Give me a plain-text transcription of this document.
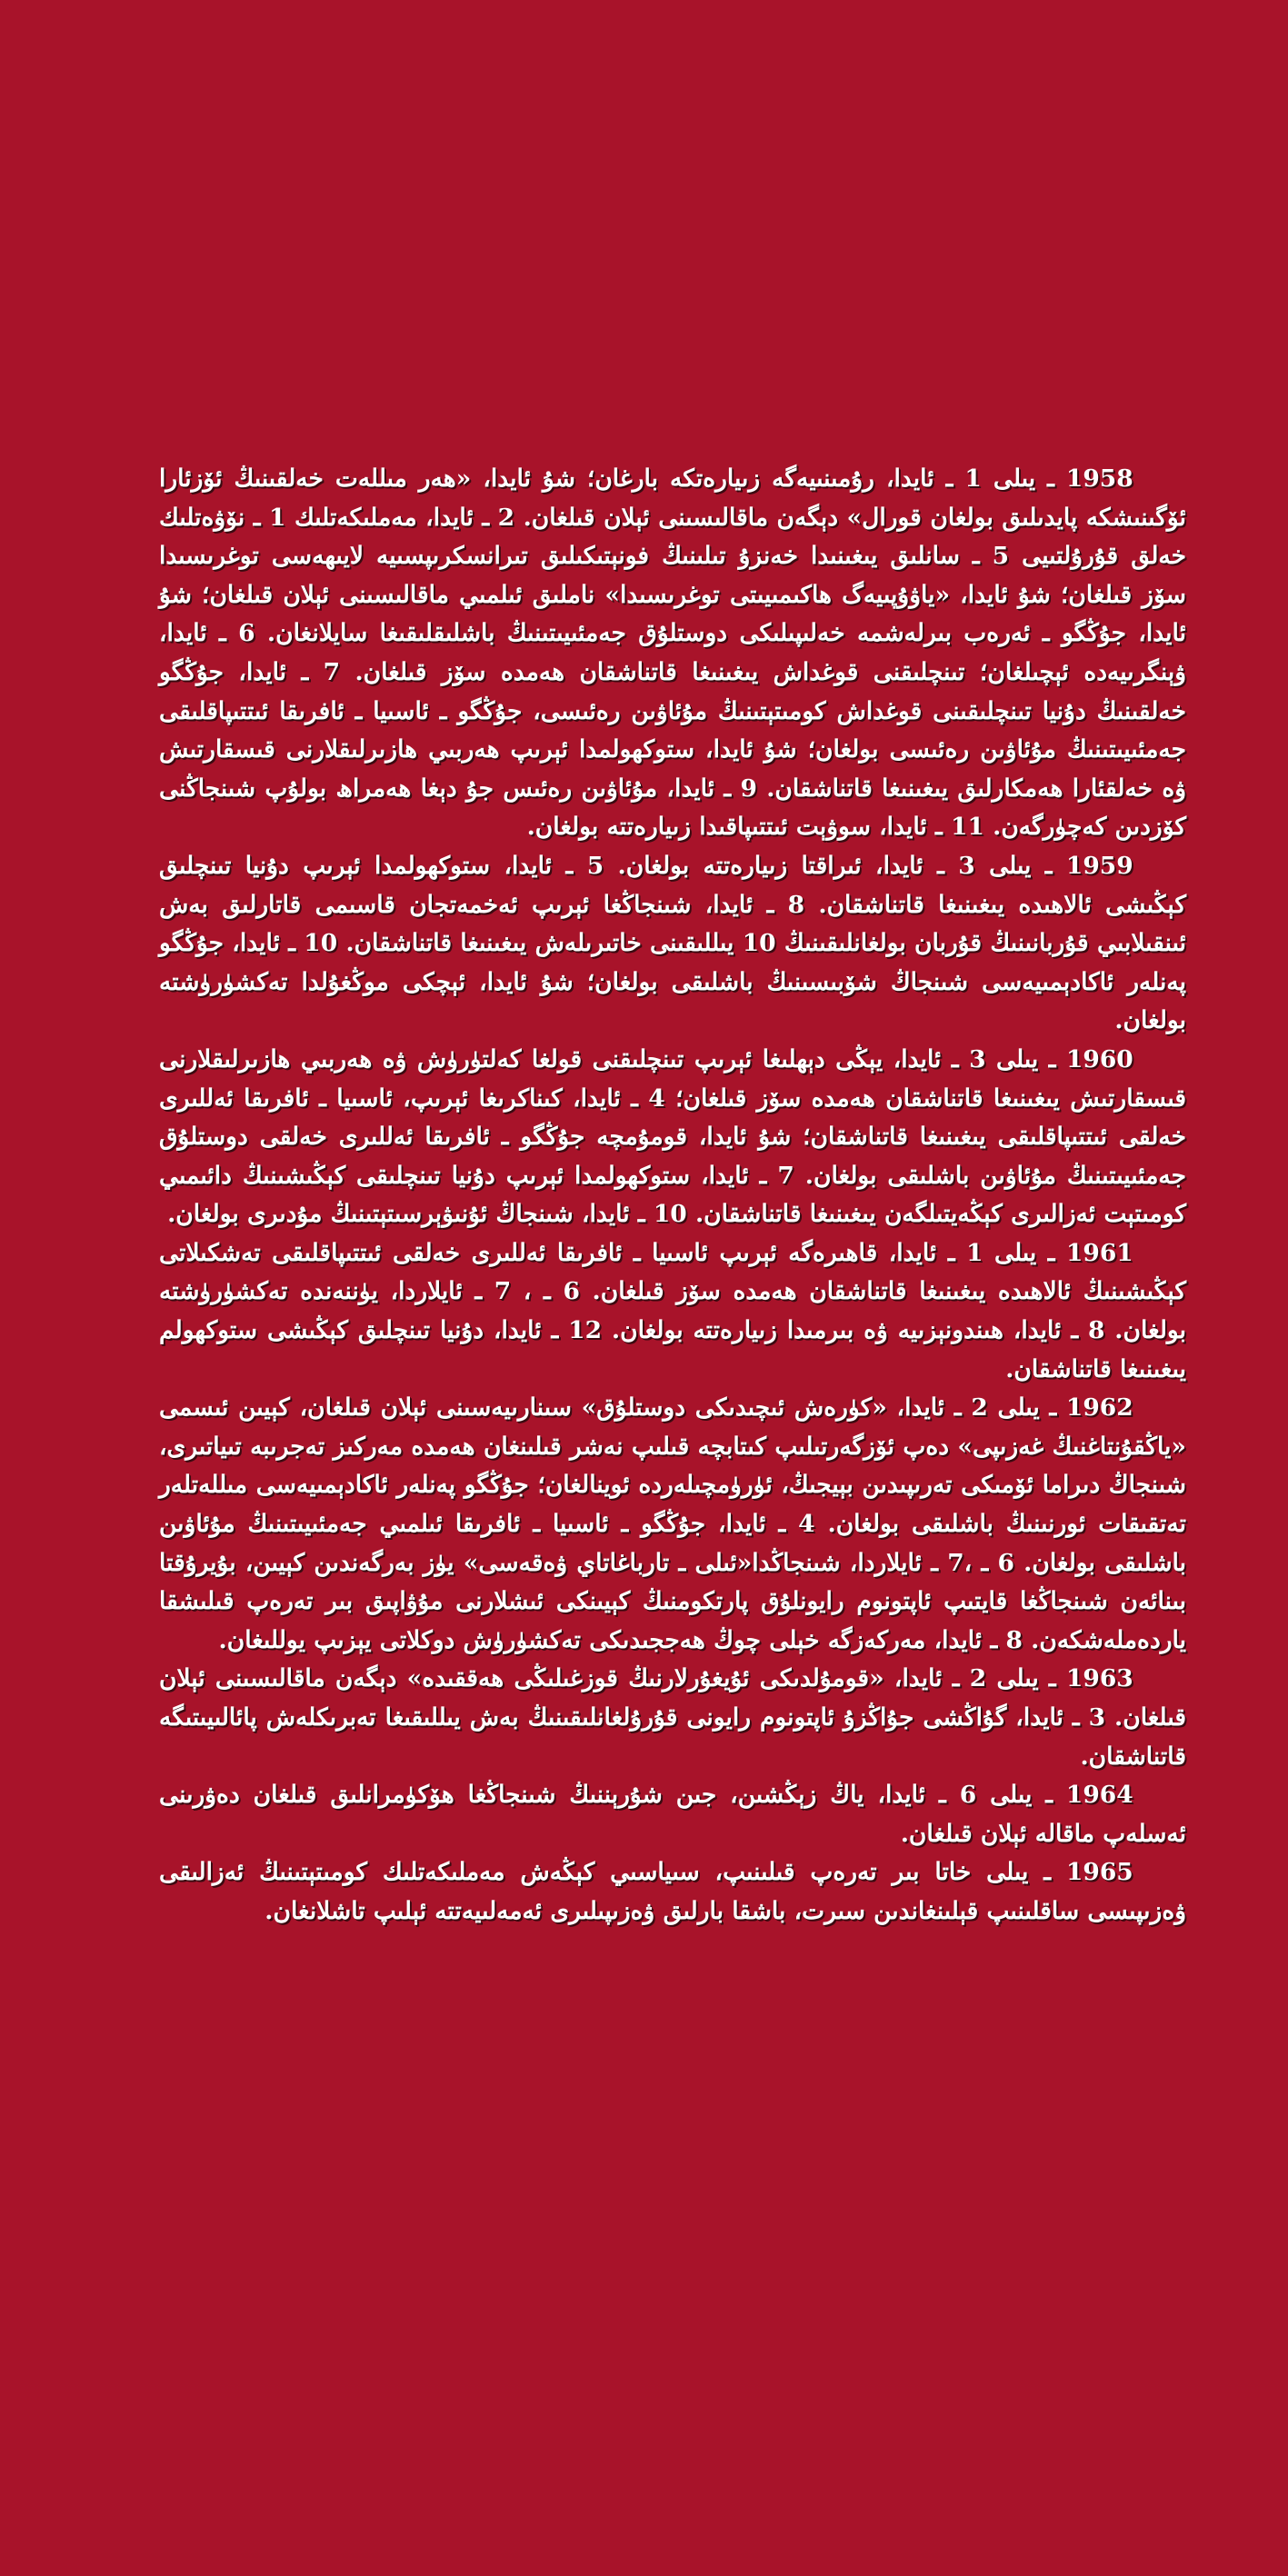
1958 ـ يىلى 1 ـ ئايدا، رۇمىنىيەگە زىيارەتكە بارغان؛ شۇ ئايدا، «ھەر مىللەت خەلقىنىڭ ئۆزئارا ئۆگىنىشكە پايدىلىق بولغان قورال» دېگەن ماقالىسىنى ئېلان قىلغان. 2 ـ ئايدا، مەملىكەتلىك 1 ـ نۆۋەتلىك خەلق قۇرۇلتىيى 5 ـ سانلىق يىغىنىدا خەنزۇ تىلىنىڭ فونېتىكىلىق تىرانسكرىپسىيە لايىھەسى توغرىسىدا سۆز قىلغان؛ شۇ ئايدا، «ياۋۇپىيەگ ھاكىمىيىتى توغرىسىدا» ناملىق ئىلمىي ماقالىسىنى ئېلان قىلغان؛ شۇ ئايدا، جۇڭگو ـ ئەرەب بىرلەشمە خەلىپىلىكى دوستلۇق جەمئىيىتىنىڭ باشلىقلىقىغا سايلانغان. 6 ـ ئايدا، ۋېنگرىيەدە ئېچىلغان؛ تىنچلىقنى قوغداش يىغىنىغا قاتناشقان ھەمدە سۆز قىلغان. 7 ـ ئايدا، جۇڭگو خەلقىنىڭ دۇنيا تىنچلىقىنى قوغداش كومىتېتىنىڭ مۇئاۋىن رەئىسى، جۇڭگو ـ ئاسىيا ـ ئافرىقا ئىتتىپاقلىقى جەمئىيىتىنىڭ مۇئاۋىن رەئىسى بولغان؛ شۇ ئايدا، ستوكھولمدا ئېرىپ ھەربىي ھازىرلىقلارنى قىسقارتىش ۋە خەلقئارا ھەمكارلىق يىغىنىغا قاتناشقان. 9 ـ ئايدا، مۇئاۋىن رەئىس جۇ دېغا ھەمراھ بولۇپ شىنجاڭنى كۆزدىن كەچۈرگەن. 11 ـ ئايدا، سوۋېت ئىتتىپاقىدا زىيارەتتە بولغان.

1959 ـ يىلى 3 ـ ئايدا، ئىراقتا زىيارەتتە بولغان. 5 ـ ئايدا، ستوكھولمدا ئېرىپ دۇنيا تىنچلىق كېڭىشى ئالاھىدە يىغىنىغا قاتناشقان. 8 ـ ئايدا، شىنجاڭغا ئېرىپ ئەخمەتجان قاسىمى قاتارلىق بەش ئىنقىلابىي قۇربانىنىڭ قۇربان بولغانلىقىنىڭ 10 يىللىقىنى خاتىرىلەش يىغىنىغا قاتناشقان. 10 ـ ئايدا، جۇڭگو پەنلەر ئاكادېمىيەسى شىنجاڭ شۆبىسىنىڭ باشلىقى بولغان؛ شۇ ئايدا، ئېچكى موڭغۇلدا تەكشۈرۈشتە بولغان.

1960 ـ يىلى 3 ـ ئايدا، يېڭى دېھلىغا ئېرىپ تىنچلىقنى قولغا كەلتۈرۈش ۋە ھەربىي ھازىرلىقلارنى قىسقارتىش يىغىنىغا قاتناشقان ھەمدە سۆز قىلغان؛ 4 ـ ئايدا، كىناكرىغا ئېرىپ، ئاسىيا ـ ئافرىقا ئەللىرى خەلقى ئىتتىپاقلىقى يىغىنىغا قاتناشقان؛ شۇ ئايدا، قومۇمچە جۇڭگو ـ ئافرىقا ئەللىرى خەلقى دوستلۇق جەمئىيىتىنىڭ مۇئاۋىن باشلىقى بولغان. 7 ـ ئايدا، ستوكھولمدا ئېرىپ دۇنيا تىنچلىقى كېڭىشىنىڭ دائىمىي كومىتېت ئەزالىرى كېڭەيتىلگەن يىغىنىغا قاتناشقان. 10 ـ ئايدا، شىنجاڭ ئۇنىۋېرسىتېتىنىڭ مۇدىرى بولغان.

1961 ـ يىلى 1 ـ ئايدا، قاھىرەگە ئېرىپ ئاسىيا ـ ئافرىقا ئەللىرى خەلقى ئىتتىپاقلىقى تەشكىلاتى كېڭىشىنىڭ ئالاھىدە يىغىنىغا قاتناشقان ھەمدە سۆز قىلغان. 6 ـ ، 7 ـ ئايلاردا، يۈننەندە تەكشۈرۈشتە بولغان. 8 ـ ئايدا، ھىندونېزىيە ۋە بىرمىدا زىيارەتتە بولغان. 12 ـ ئايدا، دۇنيا تىنچلىق كېڭىشى ستوكھولم يىغىنىغا قاتناشقان.

1962 ـ يىلى 2 ـ ئايدا، «كۈرەش ئىچىدىكى دوستلۇق» سىنارىيەسىنى ئېلان قىلغان، كېيىن ئىسمى «ياڭقۇنتاغنىڭ غەزىپى» دەپ ئۆزگەرتىلىپ كىتابچە قىلىپ نەشر قىلىنغان ھەمدە مەركىز تەجرىبە تىياتىرى، شىنجاڭ دىراما ئۆمىكى تەرىپىدىن بېيجىڭ، ئۈرۈمچىلەردە ئوينالغان؛ جۇڭگو پەنلەر ئاكادېمىيەسى مىللەتلەر تەتقىقات ئورنىنىڭ باشلىقى بولغان. 4 ـ ئايدا، جۇڭگو ـ ئاسىيا ـ ئافرىقا ئىلمىي جەمئىيىتىنىڭ مۇئاۋىن باشلىقى بولغان. 6 ـ ،7 ـ ئايلاردا، شىنجاڭدا«ئىلى ـ تارباغاتاي ۋەقەسى» يۈز بەرگەندىن كېيىن، بۇيرۇقتا بىنائەن شىنجاڭغا قايتىپ ئاپتونوم رايونلۇق پارتكومنىڭ كېيىنكى ئىشلارنى مۇۋاپىق بىر تەرەپ قىلىشقا ياردەملەشكەن. 8 ـ ئايدا، مەركەزگە خېلى چوڭ ھەججىدىكى تەكشۈرۈش دوكلاتى يېزىپ يوللىغان.

1963 ـ يىلى 2 ـ ئايدا، «قومۇلدىكى ئۇيغۇرلارنىڭ قوزغىلىڭى ھەققىدە» دېگەن ماقالىسىنى ئېلان قىلغان. 3 ـ ئايدا، گۇاڭشى جۇاڭزۇ ئاپتونوم رايونى قۇرۇلغانلىقىنىڭ بەش يىللىقىغا تەبرىكلەش پائالىيىتىگە قاتناشقان.

1964 ـ يىلى 6 ـ ئايدا، ياڭ زېڭشىن، جىن شۇرېننىڭ شىنجاڭغا ھۆكۈمرانلىق قىلغان دەۋرىنى ئەسلەپ ماقالە ئېلان قىلغان.

1965 ـ يىلى خاتا بىر تەرەپ قىلىنىپ، سىياسىي كېڭەش مەملىكەتلىك كومىتېتىنىڭ ئەزالىقى ۋەزىپىسى ساقلىنىپ قېلىنغاندىن سىرت، باشقا بارلىق ۋەزىپىلىرى ئەمەلىيەتتە ئېلىپ تاشلانغان.
